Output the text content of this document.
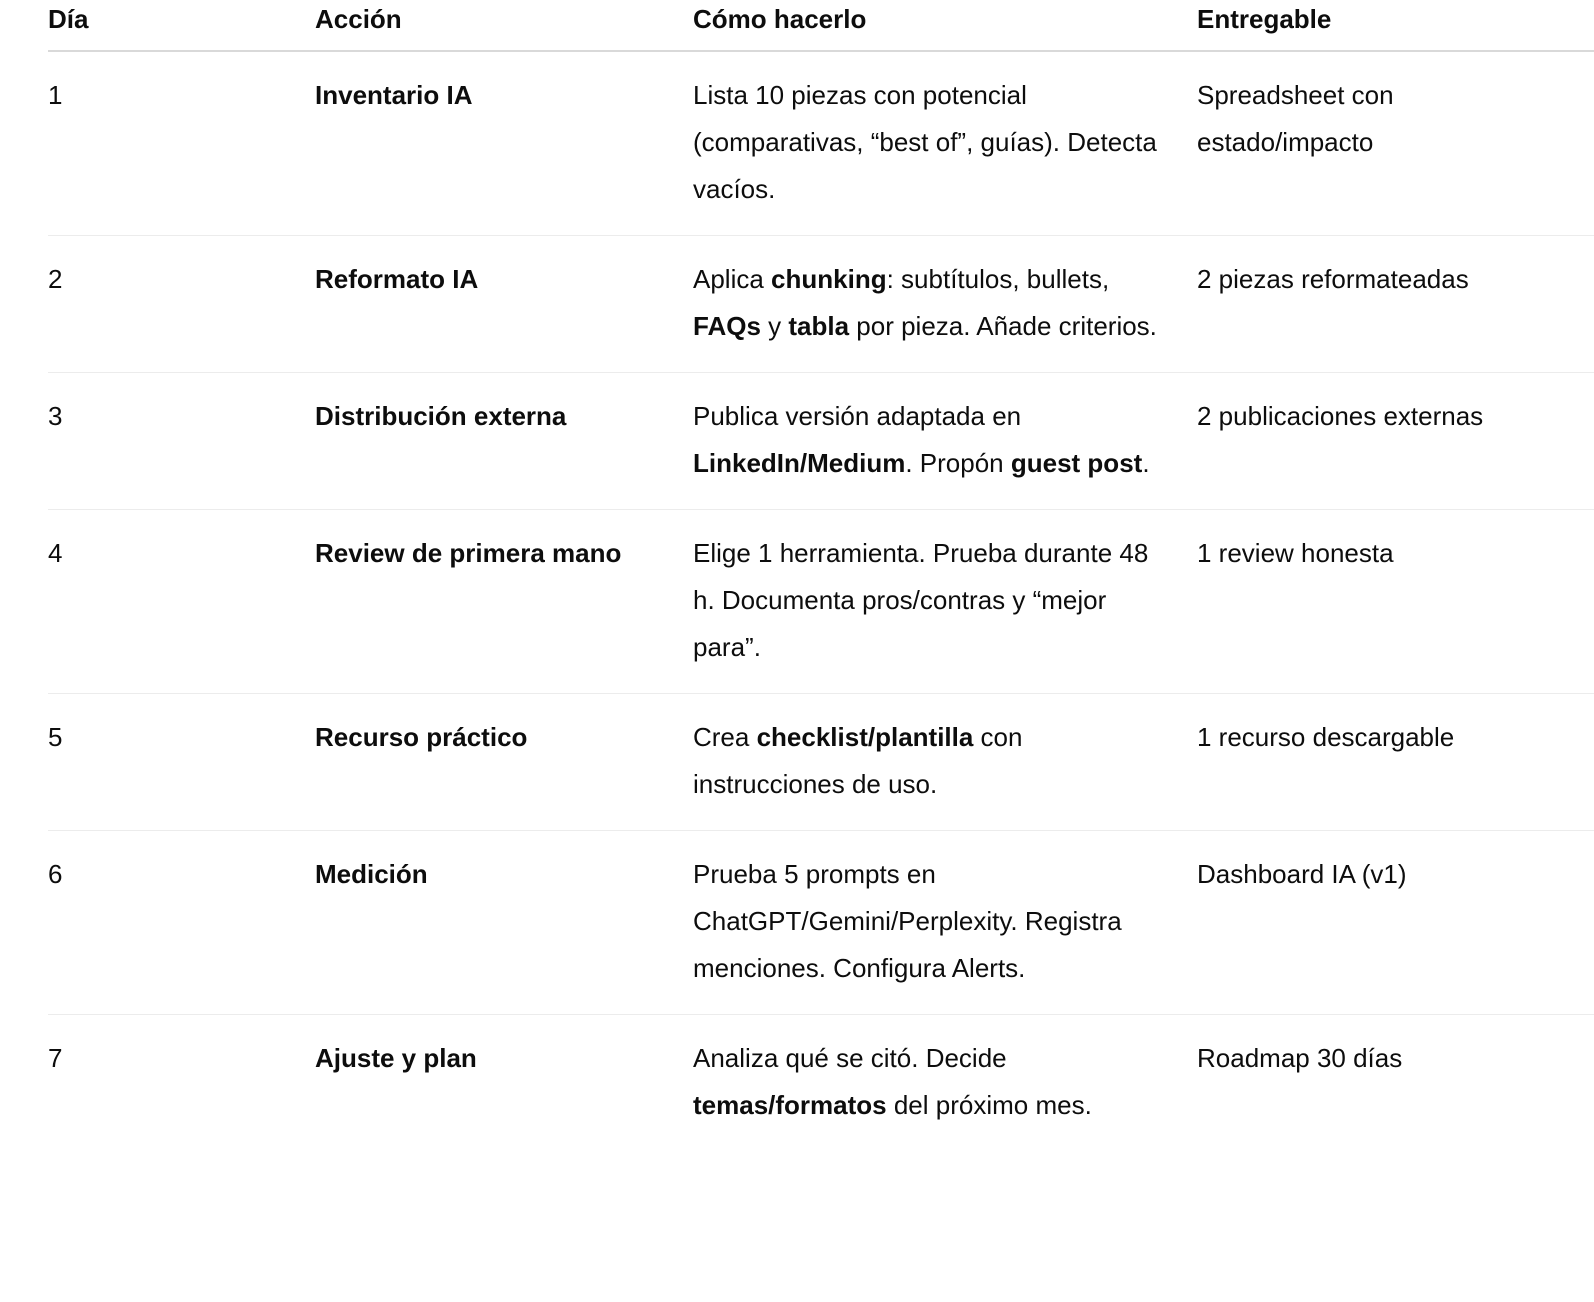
Día	Acción	Cómo hacerlo	Entregable
1	Inventario IA	Lista 10 piezas con potencial (comparativas, “best of”, guías). Detecta vacíos.	Spreadsheet con estado/impacto
2	Reformato IA	Aplica chunking: subtítulos, bullets, FAQs y tabla por pieza. Añade criterios.	2 piezas reformateadas
3	Distribución externa	Publica versión adaptada en LinkedIn/Medium. Propón guest post.	2 publicaciones externas
4	Review de primera mano	Elige 1 herramienta. Prueba durante 48 h. Documenta pros/contras y “mejor para”.	1 review honesta
5	Recurso práctico	Crea checklist/plantilla con instrucciones de uso.	1 recurso descargable
6	Medición	Prueba 5 prompts en ChatGPT/Gemini/Perplexity. Registra menciones. Configura Alerts.	Dashboard IA (v1)
7	Ajuste y plan	Analiza qué se citó. Decide temas/formatos del próximo mes.	Roadmap 30 días
